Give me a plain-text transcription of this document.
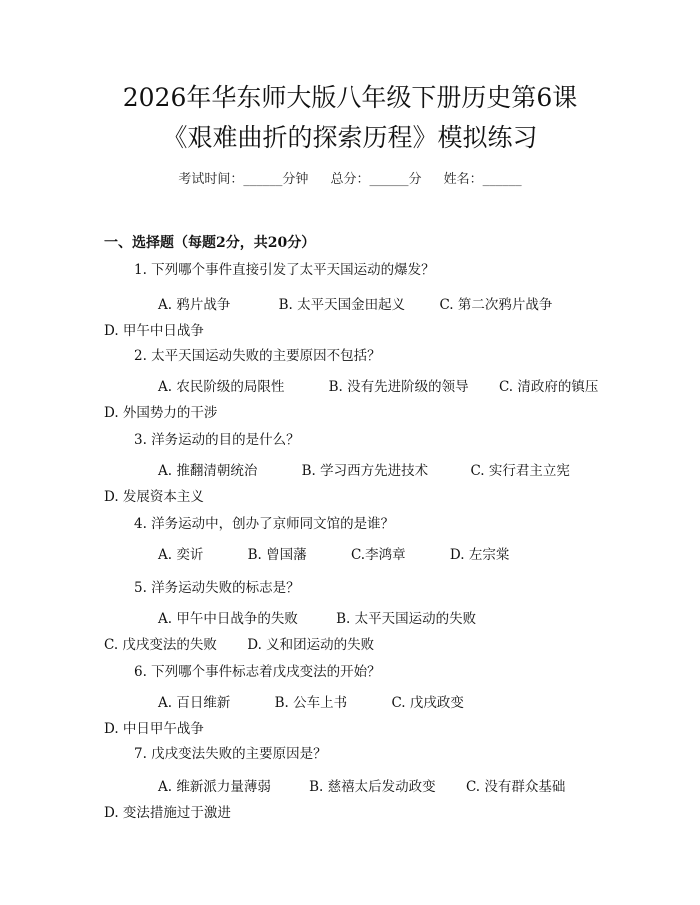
2026年华东师大版八年级下册历史第6课
《艰难曲折的探索历程》模拟练习
考试时间：______分钟 总分：______分 姓名：______
一、选择题（每题2分，共20分）
1. 下列哪个事件直接引发了太平天国运动的爆发？
A. 鸦片战争	B. 太平天国金田起义	C. 第二次鸦片战争 D. 甲午中日战争
2. 太平天国运动失败的主要原因不包括？
A. 农民阶级的局限性	B. 没有先进阶级的领导 C. 清政府的镇压 D. 外国势力的干涉
3. 洋务运动的目的是什么？
A. 推翻清朝统治	B. 学习西方先进技术	C. 实行君主立宪 D. 发展资本主义
4. 洋务运动中，创办了京师同文馆的是谁？
A. 奕䜣	B. 曾国藩	C.李鸿章	D. 左宗棠
5. 洋务运动失败的标志是？
A. 甲午中日战争的失败	B. 太平天国运动的失败 C. 戊戌变法的失败 D. 义和团运动的失败
6. 下列哪个事件标志着戊戌变法的开始？
A. 百日维新	B. 公车上书	C. 戊戌政变 D. 中日甲午战争
7. 戊戌变法失败的主要原因是？
A. 维新派力量薄弱	B. 慈禧太后发动政变 C. 没有群众基础 D. 变法措施过于激进
